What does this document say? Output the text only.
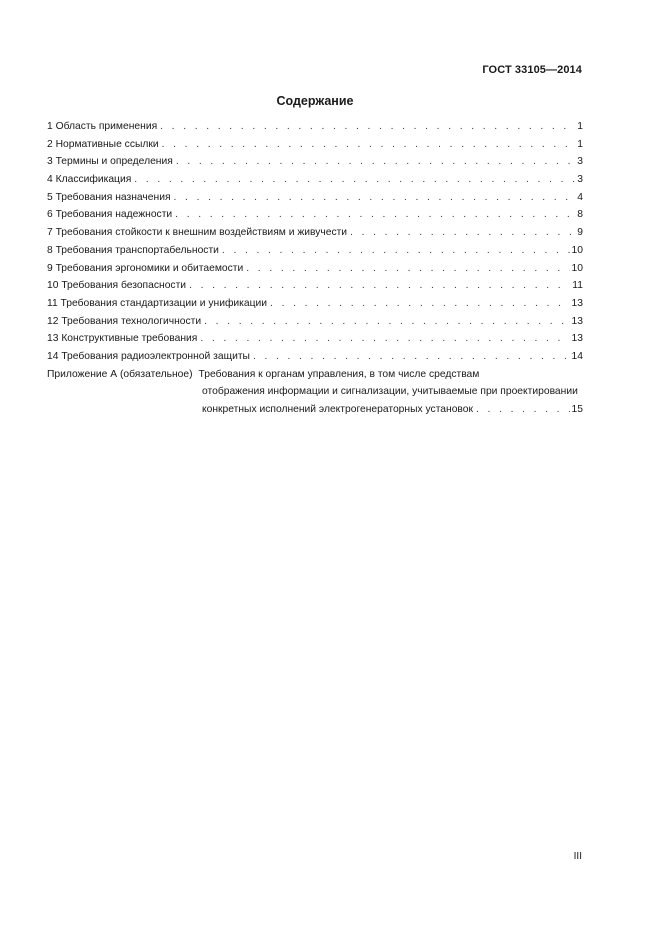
ГОСТ 33105—2014
Содержание
1 Область применения . . .	1
2 Нормативные ссылки . . .	1
3 Термины и определения . . .	3
4 Классификация . . .	3
5 Требования назначения . . .	4
6 Требования надежности . . .	8
7 Требования стойкости к внешним воздействиям и живучести . . .	9
8 Требования транспортабельности . . .	10
9 Требования эргономики и обитаемости . . .	10
10 Требования безопасности . . .	11
11 Требования стандартизации и унификации . . .	13
12 Требования технологичности . . .	13
13 Конструктивные требования . . .	13
14 Требования радиоэлектронной защиты . . .	14
Приложение А (обязательное) Требования к органам управления, в том числе средствам
отображения информации и сигнализации, учитываемые при проектировании
конкретных исполнений электрогенераторных установок . . .	15
III
